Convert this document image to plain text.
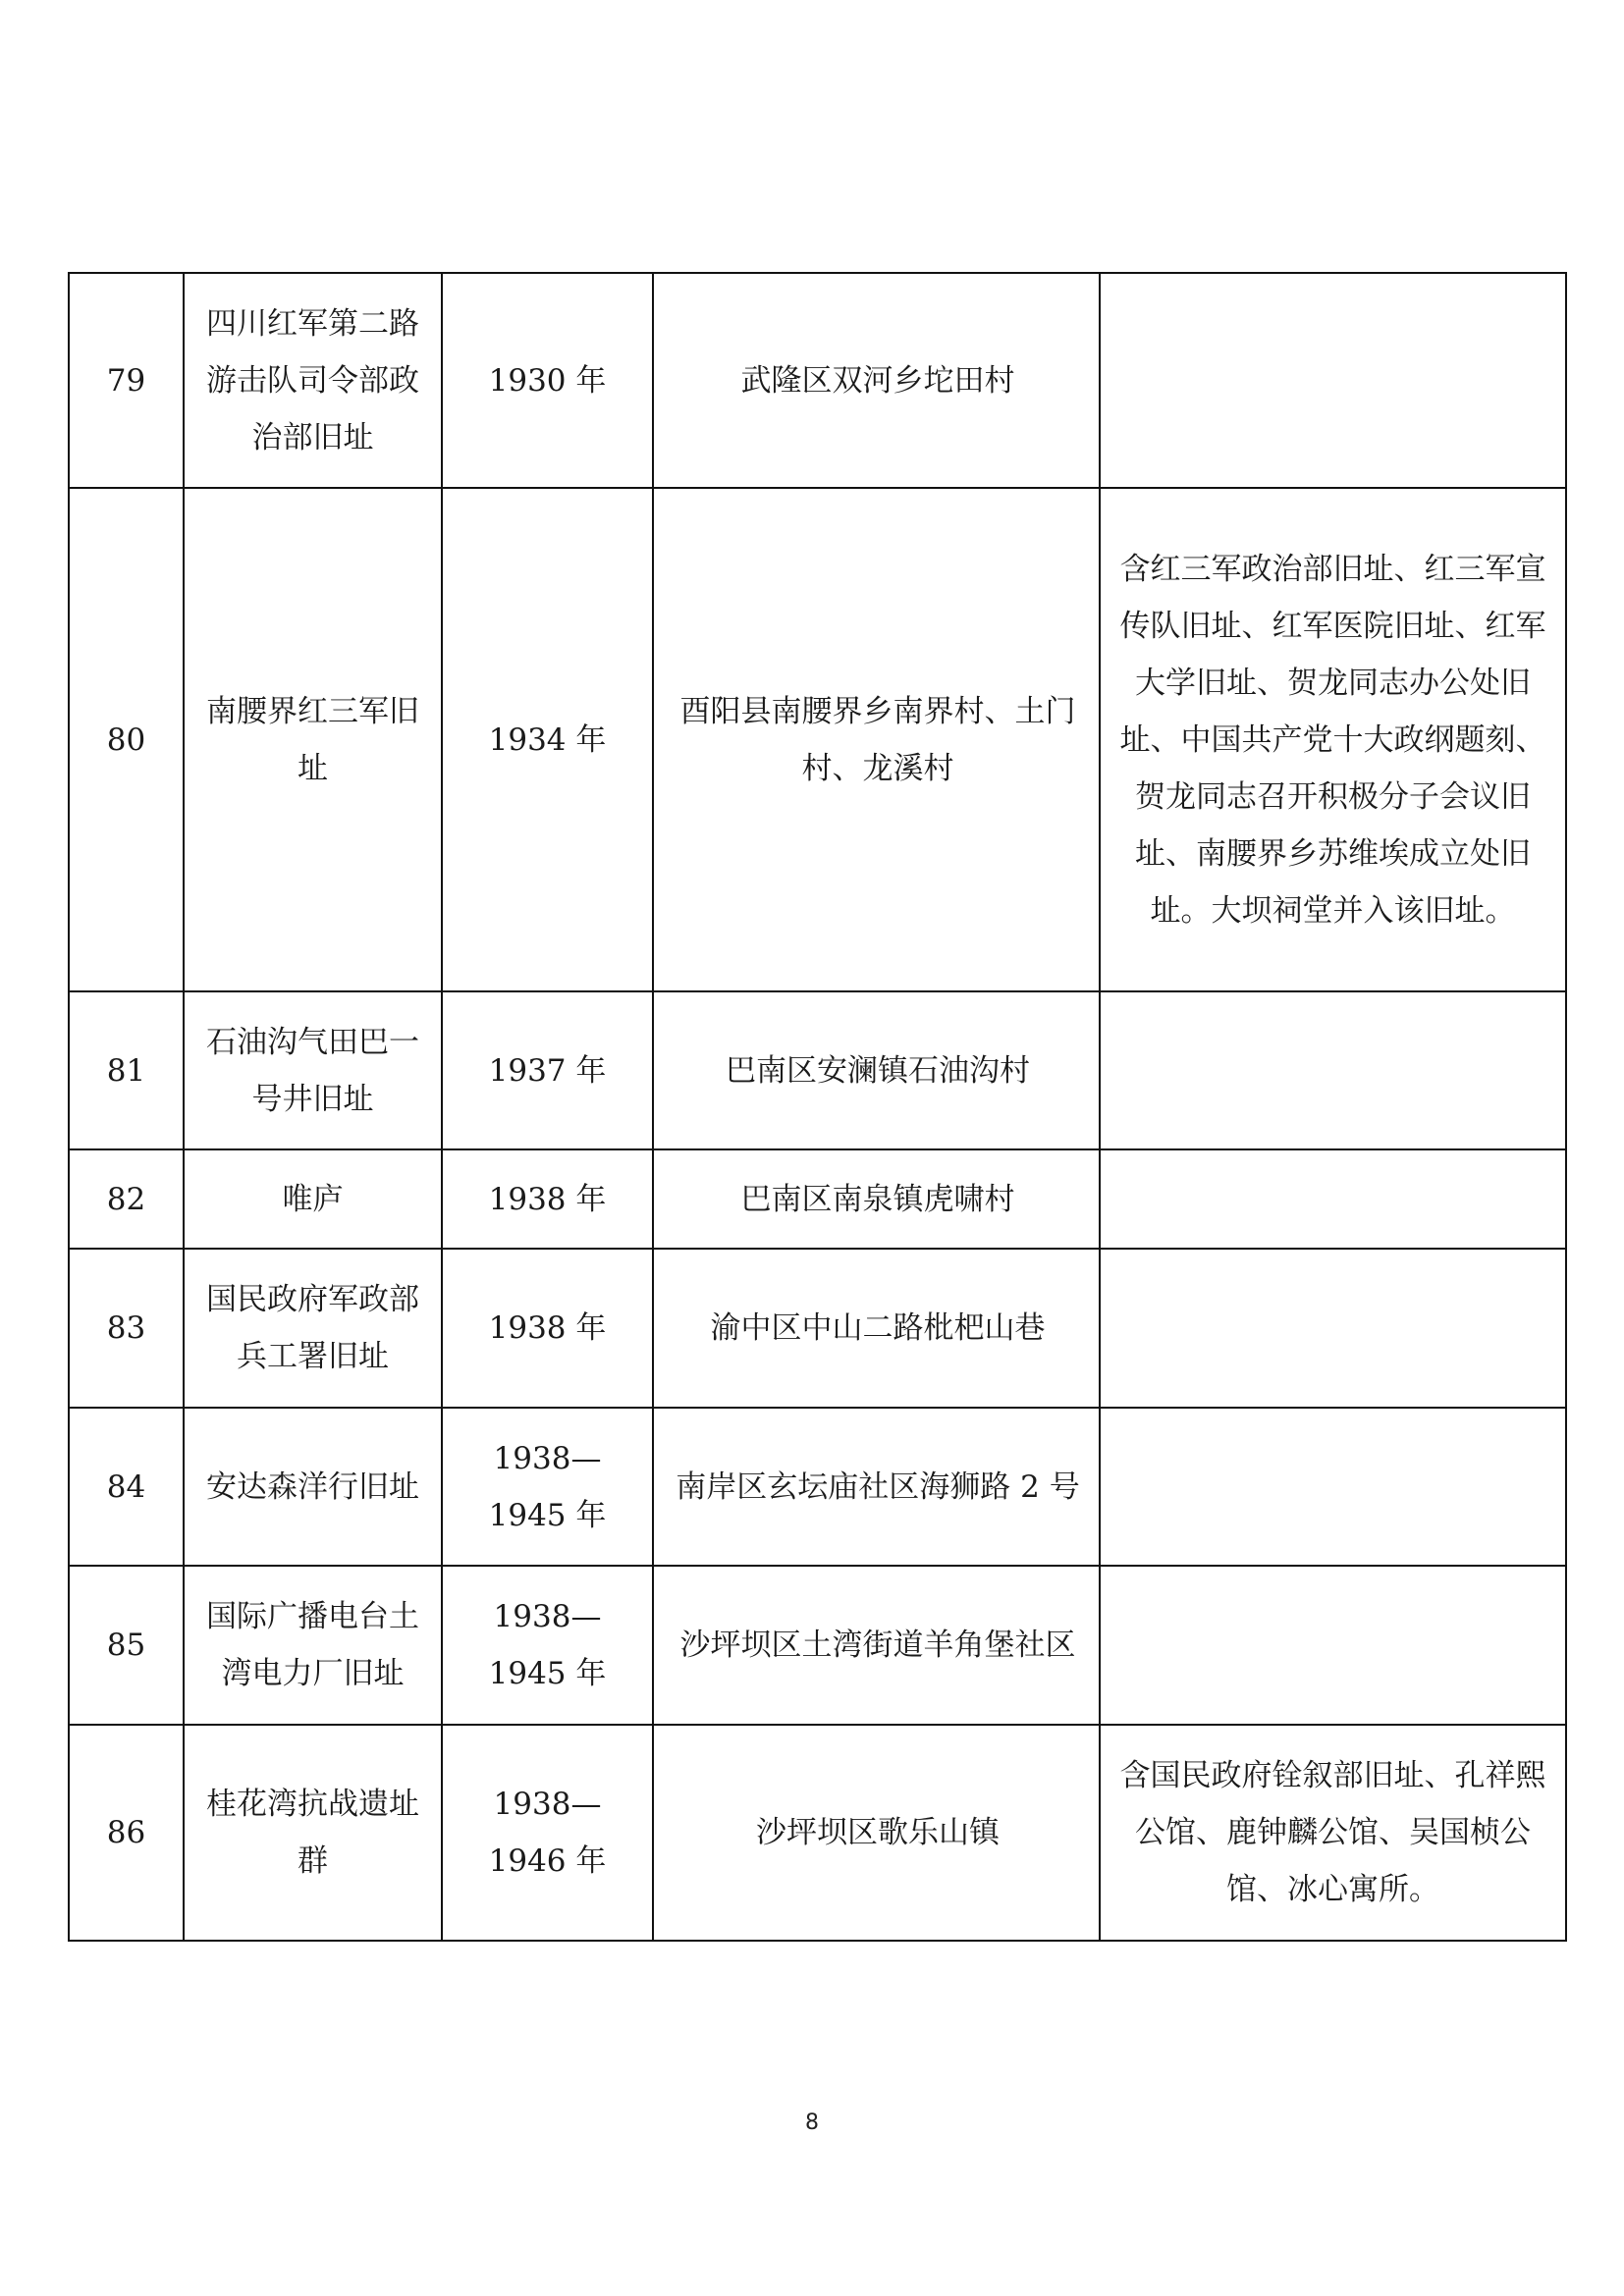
79	四川红军第二路游击队司令部政治部旧址	1930 年	武隆区双河乡坨田村	
80	南腰界红三军旧址	1934 年	酉阳县南腰界乡南界村、土门村、龙溪村	含红三军政治部旧址、红三军宣传队旧址、红军医院旧址、红军大学旧址、贺龙同志办公处旧址、中国共产党十大政纲题刻、贺龙同志召开积极分子会议旧址、南腰界乡苏维埃成立处旧址。大坝祠堂并入该旧址。
81	石油沟气田巴一号井旧址	1937 年	巴南区安澜镇石油沟村	
82	唯庐	1938 年	巴南区南泉镇虎啸村	
83	国民政府军政部兵工署旧址	1938 年	渝中区中山二路枇杷山巷	
84	安达森洋行旧址	1938—1945 年	南岸区玄坛庙社区海狮路 2 号	
85	国际广播电台土湾电力厂旧址	1938—1945 年	沙坪坝区土湾街道羊角堡社区	
86	桂花湾抗战遗址群	1938—1946 年	沙坪坝区歌乐山镇	含国民政府铨叙部旧址、孔祥熙公馆、鹿钟麟公馆、吴国桢公馆、冰心寓所。
8
